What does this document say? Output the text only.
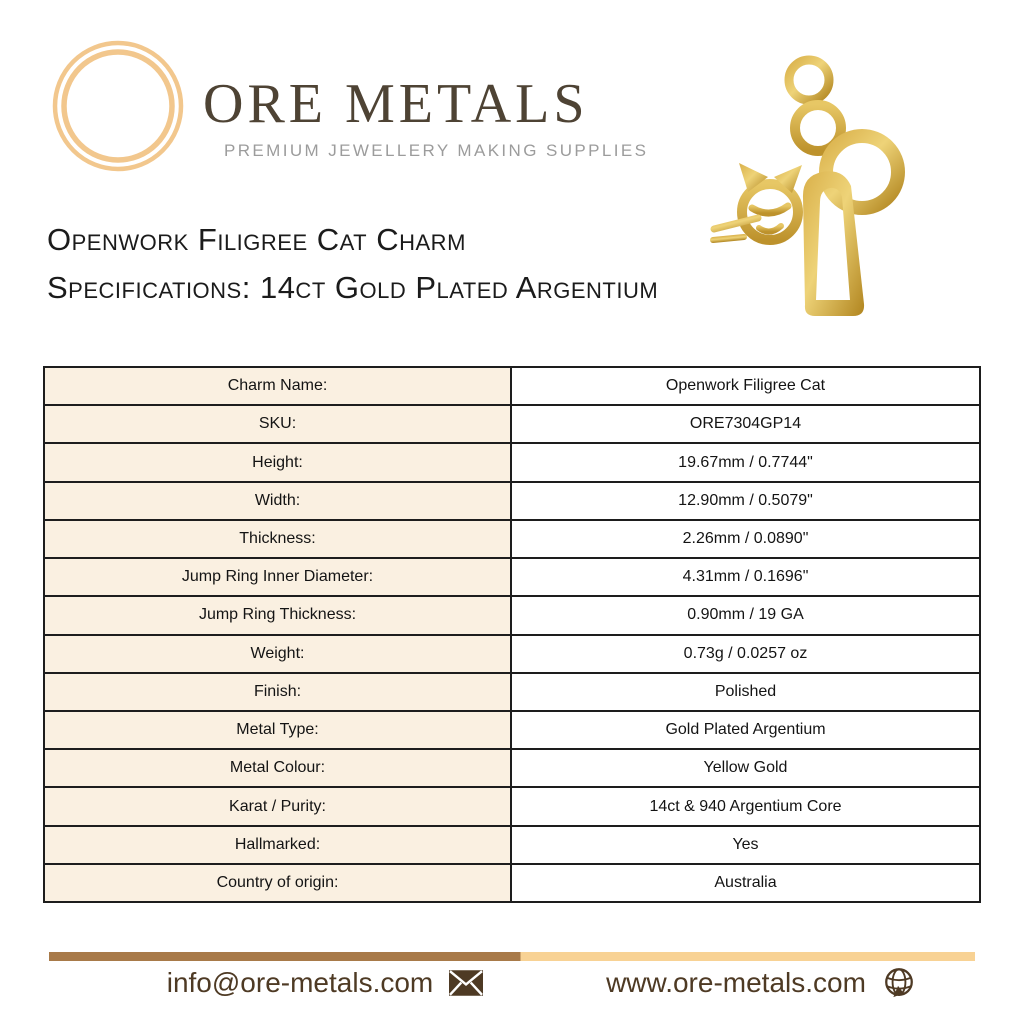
ORE METALS
PREMIUM JEWELLERY MAKING SUPPLIES
Openwork Filigree Cat Charm
Specifications: 14ct Gold Plated Argentium
Charm Name:	Openwork Filigree Cat
SKU:	ORE7304GP14
Height:	19.67mm / 0.7744"
Width:	12.90mm / 0.5079"
Thickness:	2.26mm / 0.0890"
Jump Ring Inner Diameter:	4.31mm / 0.1696"
Jump Ring Thickness:	0.90mm / 19 GA
Weight:	0.73g / 0.0257 oz
Finish:	Polished
Metal Type:	Gold Plated Argentium
Metal Colour:	Yellow Gold
Karat / Purity:	14ct & 940 Argentium Core
Hallmarked:	Yes
Country of origin:	Australia
info@ore-metals.com	www.ore-metals.com
